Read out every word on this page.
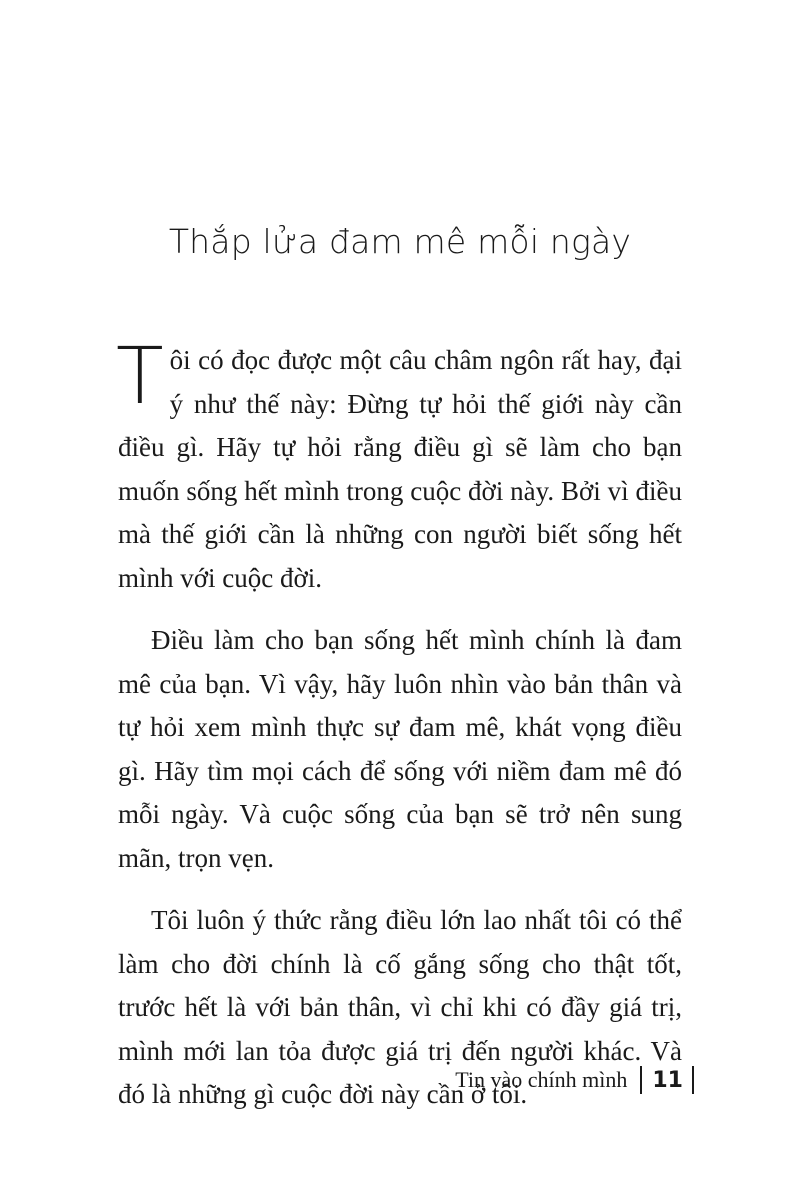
Thắp lửa đam mê mỗi ngày

Tôi có đọc được một câu châm ngôn rất hay, đại ý như thế này: Đừng tự hỏi thế giới này cần điều gì. Hãy tự hỏi rằng điều gì sẽ làm cho bạn muốn sống hết mình trong cuộc đời này. Bởi vì điều mà thế giới cần là những con người biết sống hết mình với cuộc đời.

Điều làm cho bạn sống hết mình chính là đam mê của bạn. Vì vậy, hãy luôn nhìn vào bản thân và tự hỏi xem mình thực sự đam mê, khát vọng điều gì. Hãy tìm mọi cách để sống với niềm đam mê đó mỗi ngày. Và cuộc sống của bạn sẽ trở nên sung mãn, trọn vẹn.

Tôi luôn ý thức rằng điều lớn lao nhất tôi có thể làm cho đời chính là cố gắng sống cho thật tốt, trước hết là với bản thân, vì chỉ khi có đầy giá trị, mình mới lan tỏa được giá trị đến người khác. Và đó là những gì cuộc đời này cần ở tôi.

Tin vào chính mình 11
